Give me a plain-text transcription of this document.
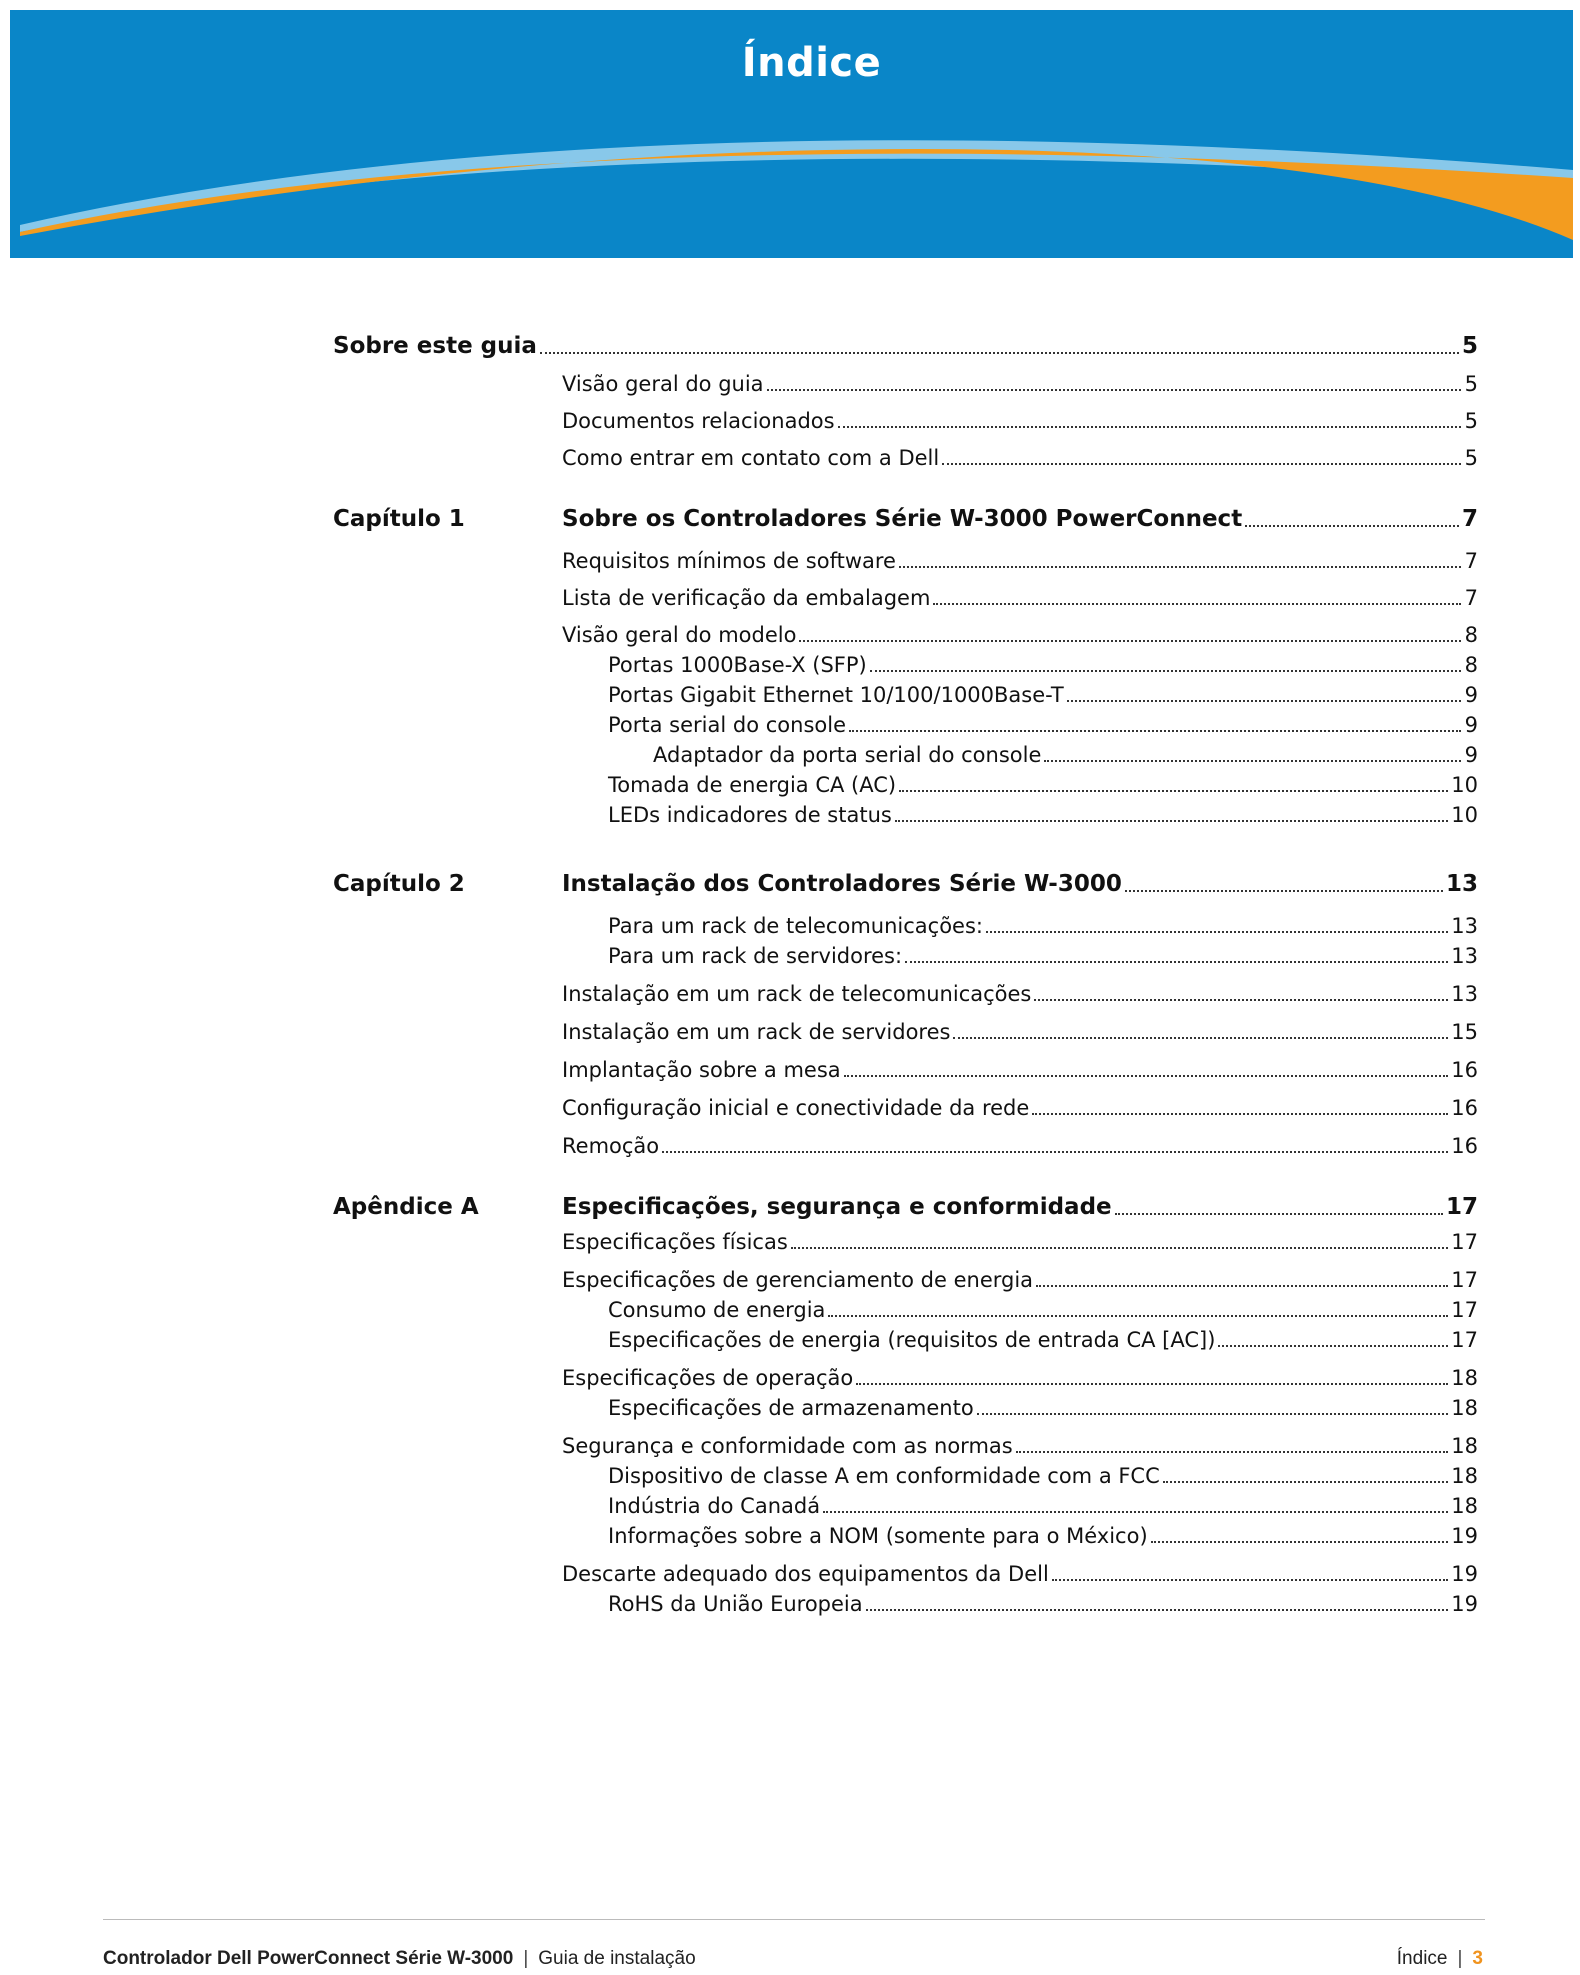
Índice
Sobre este guia	5
Visão geral do guia	5
Documentos relacionados	5
Como entrar em contato com a Dell	5
Capítulo 1	Sobre os Controladores Série W-3000 PowerConnect	7
Requisitos mínimos de software	7
Lista de verificação da embalagem	7
Visão geral do modelo	8
Portas 1000Base-X (SFP)	8
Portas Gigabit Ethernet 10/100/1000Base-T	9
Porta serial do console	9
Adaptador da porta serial do console	9
Tomada de energia CA (AC)	10
LEDs indicadores de status	10
Capítulo 2	Instalação dos Controladores Série W-3000	13
Para um rack de telecomunicações:	13
Para um rack de servidores:	13
Instalação em um rack de telecomunicações	13
Instalação em um rack de servidores	15
Implantação sobre a mesa	16
Configuração inicial e conectividade da rede	16
Remoção	16
Apêndice A	Especificações, segurança e conformidade	17
Especificações físicas	17
Especificações de gerenciamento de energia	17
Consumo de energia	17
Especificações de energia (requisitos de entrada CA [AC])	17
Especificações de operação	18
Especificações de armazenamento	18
Segurança e conformidade com as normas	18
Dispositivo de classe A em conformidade com a FCC	18
Indústria do Canadá	18
Informações sobre a NOM (somente para o México)	19
Descarte adequado dos equipamentos da Dell	19
RoHS da União Europeia	19
Controlador Dell PowerConnect Série W-3000 | Guia de instalação	Índice | 3
